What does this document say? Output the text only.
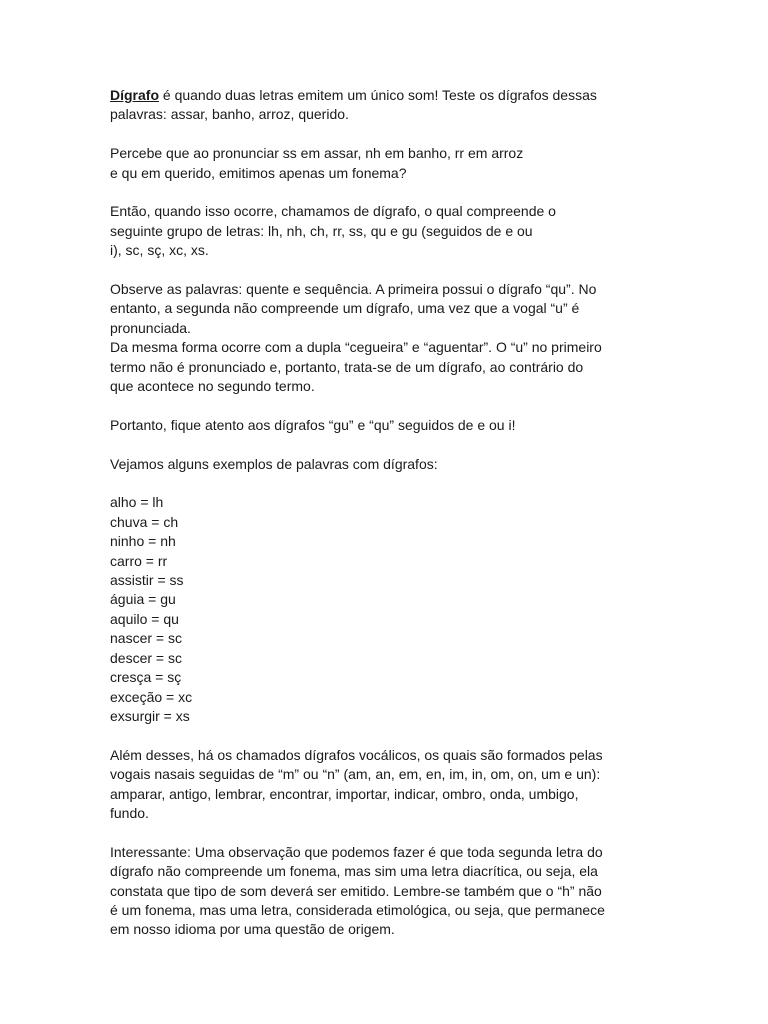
Dígrafo é quando duas letras emitem um único som! Teste os dígrafos dessas
palavras: assar, banho, arroz, querido.

Percebe que ao pronunciar ss em assar, nh em banho, rr em arroz
e qu em querido, emitimos apenas um fonema?

Então, quando isso ocorre, chamamos de dígrafo, o qual compreende o
seguinte grupo de letras: lh, nh, ch, rr, ss, qu e gu (seguidos de e ou
i), sc, sç, xc, xs.

Observe as palavras: quente e sequência. A primeira possui o dígrafo “qu”. No
entanto, a segunda não compreende um dígrafo, uma vez que a vogal “u” é
pronunciada.
Da mesma forma ocorre com a dupla “cegueira” e “aguentar”. O “u” no primeiro
termo não é pronunciado e, portanto, trata-se de um dígrafo, ao contrário do
que acontece no segundo termo.

Portanto, fique atento aos dígrafos “gu” e “qu” seguidos de e ou i!

Vejamos alguns exemplos de palavras com dígrafos:

alho = lh
chuva = ch
ninho = nh
carro = rr
assistir = ss
águia = gu
aquilo = qu
nascer = sc
descer = sc
cresça = sç
exceção = xc
exsurgir = xs

Além desses, há os chamados dígrafos vocálicos, os quais são formados pelas
vogais nasais seguidas de “m” ou “n” (am, an, em, en, im, in, om, on, um e un):
amparar, antigo, lembrar, encontrar, importar, indicar, ombro, onda, umbigo,
fundo.

Interessante: Uma observação que podemos fazer é que toda segunda letra do
dígrafo não compreende um fonema, mas sim uma letra diacrítica, ou seja, ela
constata que tipo de som deverá ser emitido. Lembre-se também que o “h” não
é um fonema, mas uma letra, considerada etimológica, ou seja, que permanece
em nosso idioma por uma questão de origem.
